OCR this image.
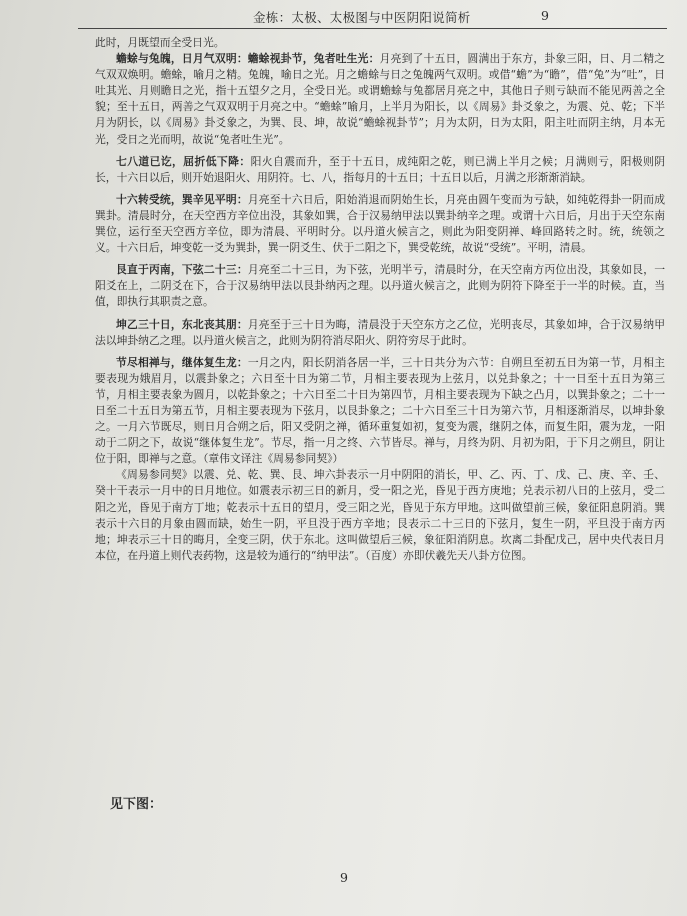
金栋：太极、太极图与中医阴阳说简析	9

此时，月既望而全受日光。

蟾蜍与兔魄，日月气双明：蟾蜍视卦节，兔者吐生光：月亮到了十五日，圆满出于东方，卦象三阳，日、月二精之气双双焕明。蟾蜍，喻月之精。兔魄，喻日之光。月之蟾蜍与日之兔魄两气双明。或借“蟾”为“瞻”，借“兔”为“吐”，日吐其光、月则瞻日之光，指十五望夕之月，全受日光。或谓蟾蜍与兔都居月亮之中，其他日子则亏缺而不能见两善之全貌；至十五日，两善之气双双明于月亮之中。“蟾蜍”喻月，上半月为阳长，以《周易》卦爻象之，为震、兑、乾；下半月为阴长，以《周易》卦爻象之，为巽、艮、坤，故说“蟾蜍视卦节”；月为太阴，日为太阳，阳主吐而阴主纳，月本无光，受日之光而明，故说“兔者吐生光”。

七八道已讫，屈折低下降：阳火自震而升，至于十五日，成纯阳之乾，则已满上半月之候；月满则亏，阳极则阴长，十六日以后，则开始退阳火、用阴符。七、八，指每月的十五日；十五日以后，月满之形渐渐消缺。

十六转受统，巽辛见平明：月亮至十六日后，阳始消退而阴始生长，月亮由圆午变而为亏缺，如纯乾得卦一阴而成巽卦。清晨时分，在天空西方辛位出没，其象如巽，合于汉易纳甲法以巽卦纳辛之理。或谓十六日后，月出于天空东南巽位，运行至天空西方辛位，即为清晨、平明时分。以丹道火候言之，则此为阳变阴禅、峰回路转之时。统，统领之义。十六日后，坤变乾一爻为巽卦，巽一阴爻生、伏于二阳之下，巽受乾统，故说“受统”。平明，清晨。

艮直于丙南，下弦二十三：月亮至二十三日，为下弦，光明半亏，清晨时分，在天空南方丙位出没，其象如艮，一阳爻在上，二阴爻在下，合于汉易纳甲法以艮卦纳丙之理。以丹道火候言之，此则为阴符下降至于一半的时候。直，当值，即执行其职责之意。

坤乙三十日，东北丧其朋：月亮至于三十日为晦，清晨没于天空东方之乙位，光明丧尽，其象如坤，合于汉易纳甲法以坤卦纳乙之理。以丹道火候言之，此则为阴符消尽阳火、阴符穷尽于此时。

节尽相禅与，继体复生龙：一月之内，阳长阴消各居一半，三十日共分为六节：自朔旦至初五日为第一节，月相主要表现为娥眉月，以震卦象之；六日至十日为第二节，月相主要表现为上弦月，以兑卦象之；十一日至十五日为第三节，月相主要表象为圆月，以乾卦象之；十六日至二十日为第四节，月相主要表现为下缺之凸月，以巽卦象之；二十一日至二十五日为第五节，月相主要表现为下弦月，以艮卦象之；二十六日至三十日为第六节，月相逐渐消尽，以坤卦象之。一月六节既尽，则日月合朔之后，阳又受阴之禅，循环重复如初，复变为震，继阴之体，而复生阳，震为龙，一阳动于二阴之下，故说“继体复生龙”。节尽，指一月之终、六节皆尽。禅与，月终为阴、月初为阳，于下月之朔旦，阴让位于阳，即禅与之意。（章伟文译注《周易参同契》）

《周易参同契》以震、兑、乾、巽、艮、坤六卦表示一月中阴阳的消长，甲、乙、丙、丁、戊、己、庚、辛、壬、癸十干表示一月中的日月地位。如震表示初三日的新月，受一阳之光，昏见于西方庚地；兑表示初八日的上弦月，受二阳之光，昏见于南方丁地；乾表示十五日的望月，受三阳之光，昏见于东方甲地。这叫做望前三候，象征阳息阴消。巽表示十六日的月象由圆而缺，始生一阴，平旦没于西方辛地；艮表示二十三日的下弦月，复生一阴，平旦没于南方丙地；坤表示三十日的晦月，全变三阴，伏于东北。这叫做望后三候，象征阳消阴息。坎离二卦配戊己，居中央代表日月本位，在丹道上则代表药物，这是较为通行的“纳甲法”。（百度）亦即伏羲先天八卦方位图。

见下图：
9
